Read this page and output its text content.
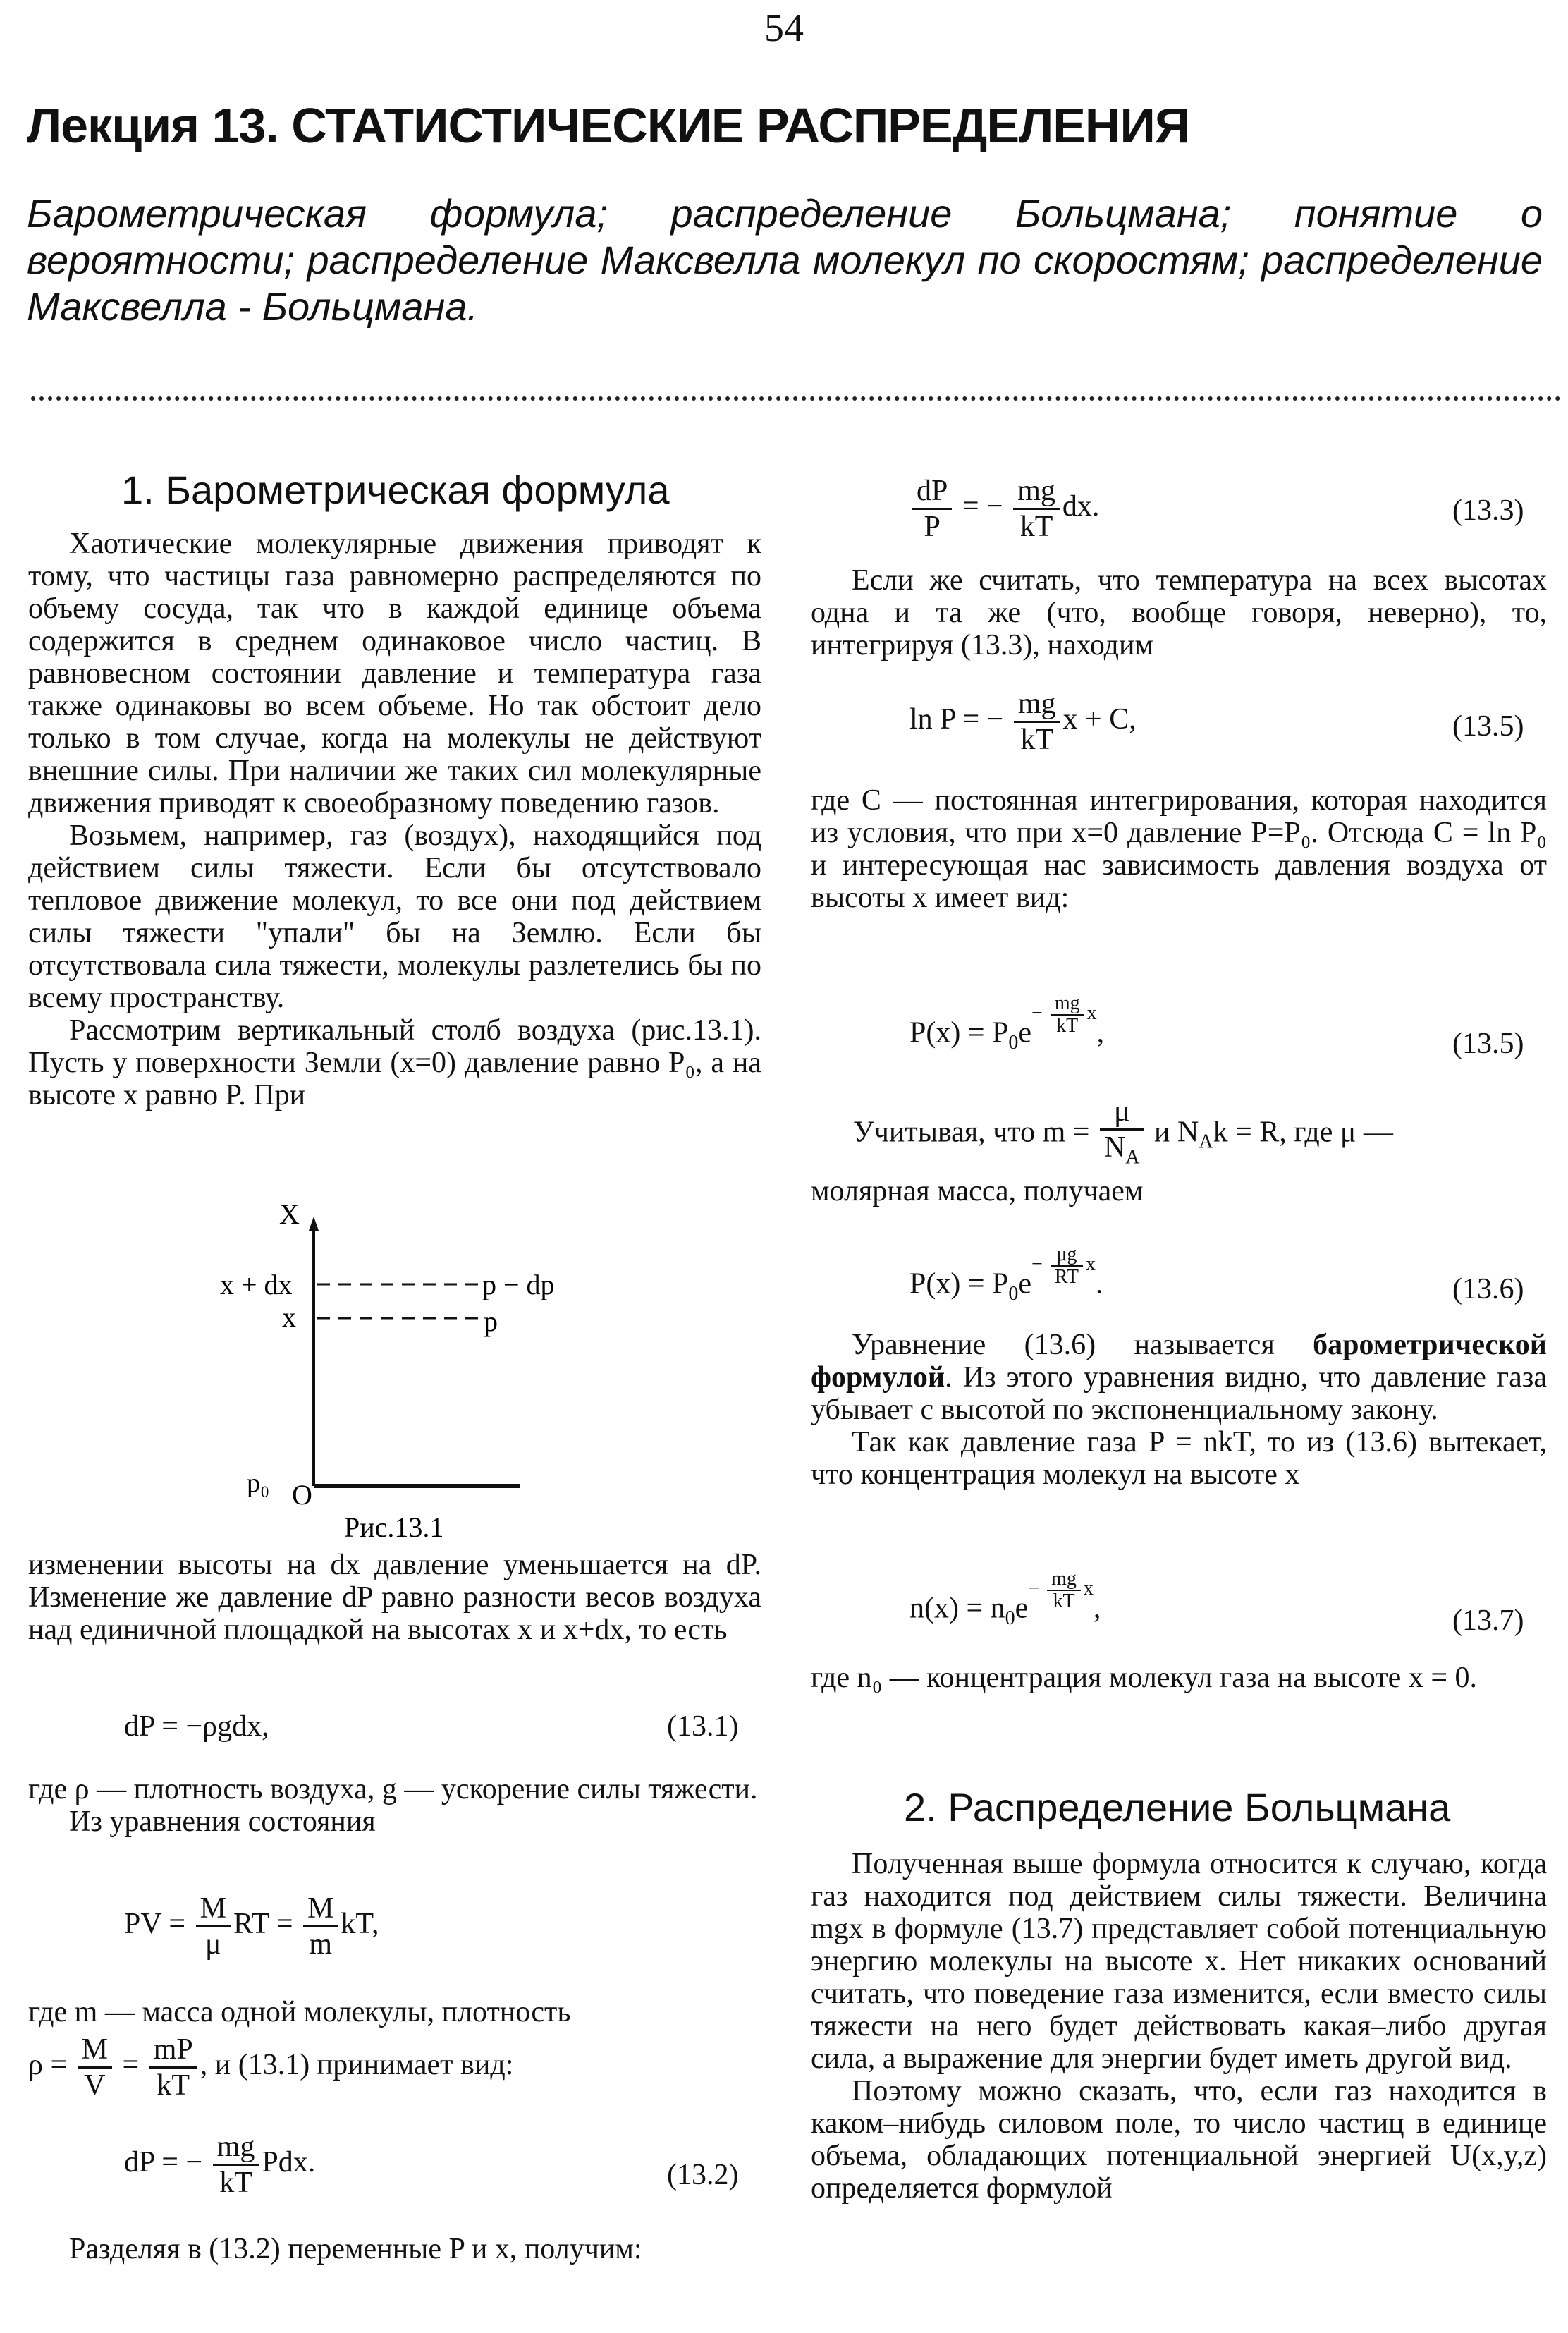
54
Лекция 13. СТАТИСТИЧЕСКИЕ РАСПРЕДЕЛЕНИЯ
Барометрическая формула; распределение Больцмана; понятие о вероятности; распределение Максвелла молекул по скоростям; распределение Максвелла - Больцмана.
1. Барометрическая формула

Хаотические молекулярные движения приводят к тому, что частицы газа равномерно распределяются по объему сосуда, так что в каждой единице объема содержится в среднем одинаковое число частиц. В равновесном состоянии давление и температура газа также одинаковы во всем объеме. Но так обстоит дело только в том случае, когда на молекулы не действуют внешние силы. При наличии же таких сил молекулярные движения приводят к своеобразному поведению газов.

Возьмем, например, газ (воздух), находящийся под действием силы тяжести. Если бы отсутствовало тепловое движение молекул, то все они под действием силы тяжести "упали" бы на Землю. Если бы отсутствовала сила тяжести, молекулы разлетелись бы по всему пространству.

Рассмотрим вертикальный столб воздуха (рис.13.1). Пусть у поверхности Земли (x=0) давление равно P₀, а на высоте x равно P. При

X
x + dx	p − dp
x	p
p₀ O
Рис.13.1

изменении высоты на dx давление уменьшается на dP. Изменение же давление dP равно разности весов воздуха над единичной площадкой на высотах x и x+dx, то есть

dP = −ρgdx,	(13.1)

где ρ — плотность воздуха, g — ускорение силы тяжести.

Из уравнения состояния

PV = $\frac{M}{\mu}$ RT = $\frac{M}{m}$ kT,
где m — масса одной молекулы, плотность
$\rho = \frac{M}{V} = \frac{mP}{kT}$ , и (13.1) принимает вид:
dP = − $\frac{mg}{kT}$ Pdx.	(13.2)
Разделяя в (13.2) переменные P и x, получим:
$\frac{dP}{P}$ = − $\frac{mg}{kT}$ dx.	(13.3)

Если же считать, что температура на всех высотах одна и та же (что, вообще говоря, неверно), то, интегрируя (13.3), находим

ln P = − $\frac{mg}{kT}$ x + C,	(13.5)

где C — постоянная интегрирования, которая находится из условия, что при x=0 давление P=P₀. Отсюда C = ln P₀ и интересующая нас зависимость давления воздуха от высоты x имеет вид:

$P(x) = P_0e^{- \frac{mg}{kT} x}$,	(13.5)
Учитывая, что $m = \frac{\mu}{N_A}$ и $N_Ak = R$, где μ —
молярная масса, получаем
$P(x) = P_0e^{- \frac{\mu g}{RT} x}$.	(13.6)

Уравнение (13.6) называется барометрической формулой. Из этого уравнения видно, что давление газа убывает с высотой по экспоненциальному закону.

Так как давление газа P = nkT, то из (13.6) вытекает, что концентрация молекул на высоте x

$n(x) = n_0e^{- \frac{mg}{kT} x}$,	(13.7)

где n₀ — концентрация молекул газа на высоте x = 0.

2. Распределение Больцмана

Полученная выше формула относится к случаю, когда газ находится под действием силы тяжести. Величина mgx в формуле (13.7) представляет собой потенциальную энергию молекулы на высоте x. Нет никаких оснований считать, что поведение газа изменится, если вместо силы тяжести на него будет действовать какая–либо другая сила, а выражение для энергии будет иметь другой вид.

Поэтому можно сказать, что, если газ находится в каком–нибудь силовом поле, то число частиц в единице объема, обладающих потенциальной энергией U(x,y,z) определяется формулой
